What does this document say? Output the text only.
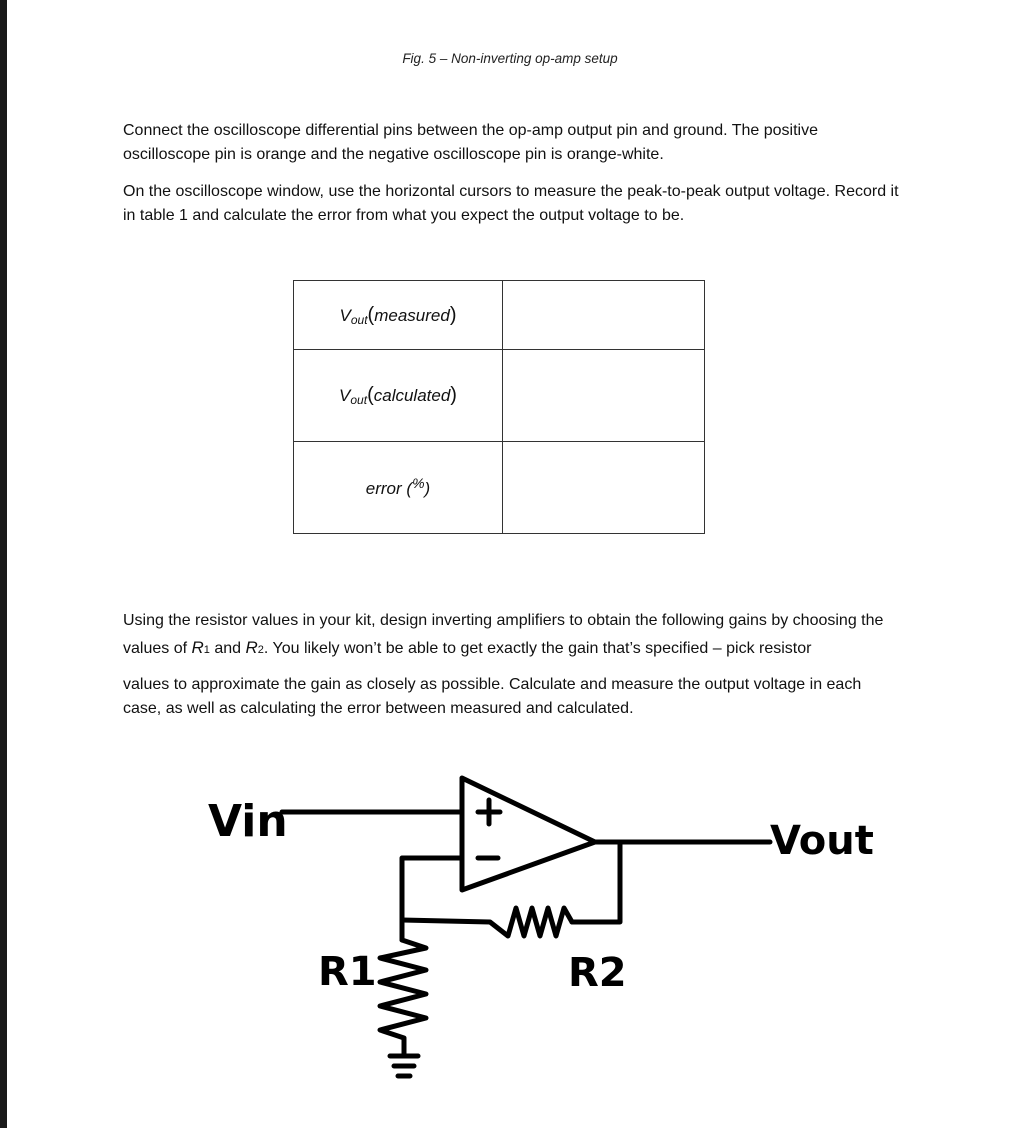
Fig. 5 – Non-inverting op-amp setup

Connect the oscilloscope differential pins between the op-amp output pin and ground. The positive oscilloscope pin is orange and the negative oscilloscope pin is orange-white.

On the oscilloscope window, use the horizontal cursors to measure the peak-to-peak output voltage. Record it in table 1 and calculate the error from what you expect the output voltage to be.

$V_{out}(measured)$	
$V_{out}(calculated)$	
error (%)	

Using the resistor values in your kit, design inverting amplifiers to obtain the following gains by choosing the values of R1 and R2. You likely won’t be able to get exactly the gain that’s specified – pick resistor

values to approximate the gain as closely as possible. Calculate and measure the output voltage in each case, as well as calculating the error between measured and calculated.

Vin	Vout
R1	R2
